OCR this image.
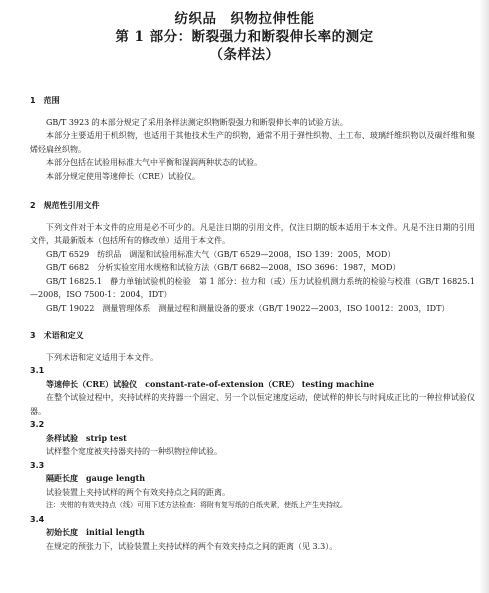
纺织品　织物拉伸性能
第 1 部分：断裂强力和断裂伸长率的测定
（条样法）

1　范围

GB/T 3923 的本部分规定了采用条样法测定织物断裂强力和断裂伸长率的试验方法。

本部分主要适用于机织物，也适用于其他技术生产的织物，通常不用于弹性织物、土工布、玻璃纤维织物以及碳纤维和聚烯烃扁丝织物。

本部分包括在试验用标准大气中平衡和湿润两种状态的试验。

本部分规定使用等速伸长（CRE）试验仪。

2　规范性引用文件

下列文件对于本文件的应用是必不可少的。凡是注日期的引用文件，仅注日期的版本适用于本文件。凡是不注日期的引用文件，其最新版本（包括所有的修改单）适用于本文件。

GB/T 6529　纺织品　调湿和试验用标准大气（GB/T 6529—2008，ISO 139：2005，MOD）

GB/T 6682　分析实验室用水规格和试验方法（GB/T 6682—2008，ISO 3696：1987，MOD）

GB/T 16825.1　静力单轴试验机的检验　第 1 部分：拉力和（或）压力试验机测力系统的检验与校准（GB/T 16825.1—2008，ISO 7500-1：2004，IDT）

GB/T 19022　测量管理体系　测量过程和测量设备的要求（GB/T 19022—2003，ISO 10012：2003，IDT）

3　术语和定义

下列术语和定义适用于本文件。

3.1

等速伸长（CRE）试验仪　constant-rate-of-extension（CRE） testing machine

在整个试验过程中，夹持试样的夹持器一个固定、另一个以恒定速度运动，使试样的伸长与时间成正比的一种拉伸试验仪器。

3.2

条样试验　strip test

试样整个宽度被夹持器夹持的一种织物拉伸试验。

3.3

隔距长度　gauge length

试验装置上夹持试样的两个有效夹持点之间的距离。

注：夹钳的有效夹持点（线）可用下述方法检查：将附有复写纸的白纸夹紧，使纸上产生夹持纹。

3.4

初始长度　initial length

在规定的预张力下，试验装置上夹持试样的两个有效夹持点之间的距离（见 3.3）。
